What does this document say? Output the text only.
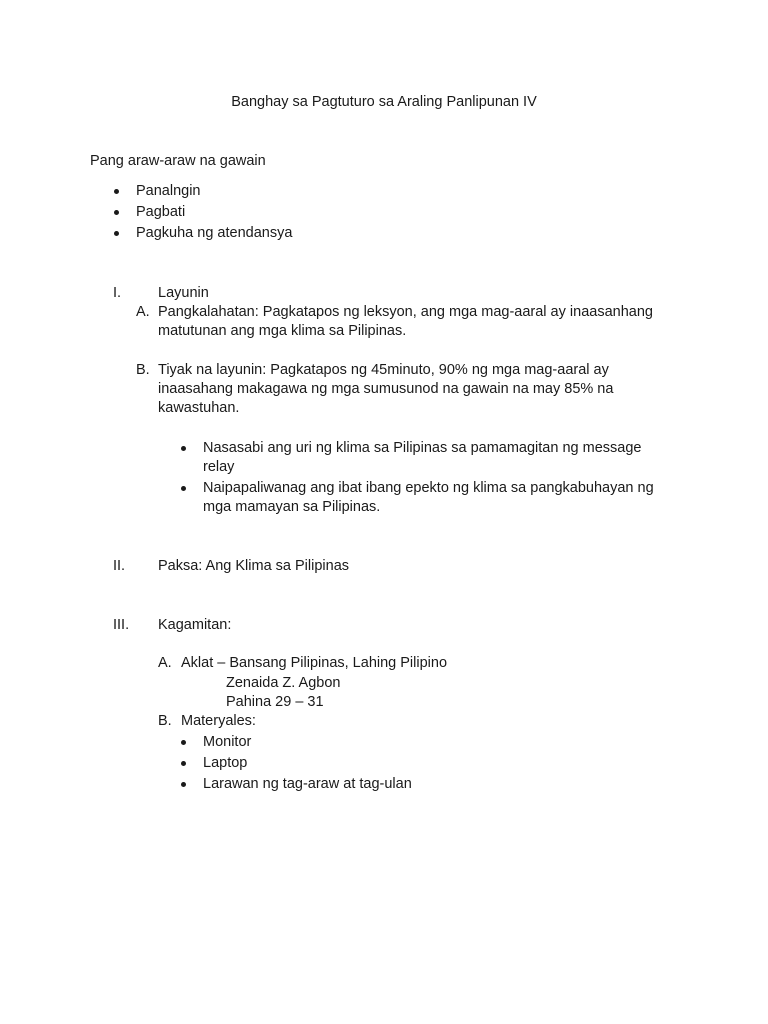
Banghay sa Pagtuturo sa Araling Panlipunan IV
Pang araw-araw na gawain
Panalngin
Pagbati
Pagkuha ng atendansya
I.	Layunin
A. Pangkalahatan: Pagkatapos ng leksyon, ang mga mag-aaral ay inaasanhang
matutunan ang mga klima sa Pilipinas.
B. Tiyak na layunin: Pagkatapos ng 45minuto, 90% ng mga mag-aaral ay
inaasahang makagawa ng mga sumusunod na gawain na may 85% na
kawastuhan.
Nasasabi ang uri ng klima sa Pilipinas sa pamamagitan ng message
relay
Naipapaliwanag ang ibat ibang epekto ng klima sa pangkabuhayan ng
mga mamayan sa Pilipinas.
II. Paksa: Ang Klima sa Pilipinas
III. Kagamitan:
A. Aklat – Bansang Pilipinas, Lahing Pilipino
Zenaida Z. Agbon
Pahina 29 – 31
B. Materyales:
Monitor
Laptop
Larawan ng tag-araw at tag-ulan
